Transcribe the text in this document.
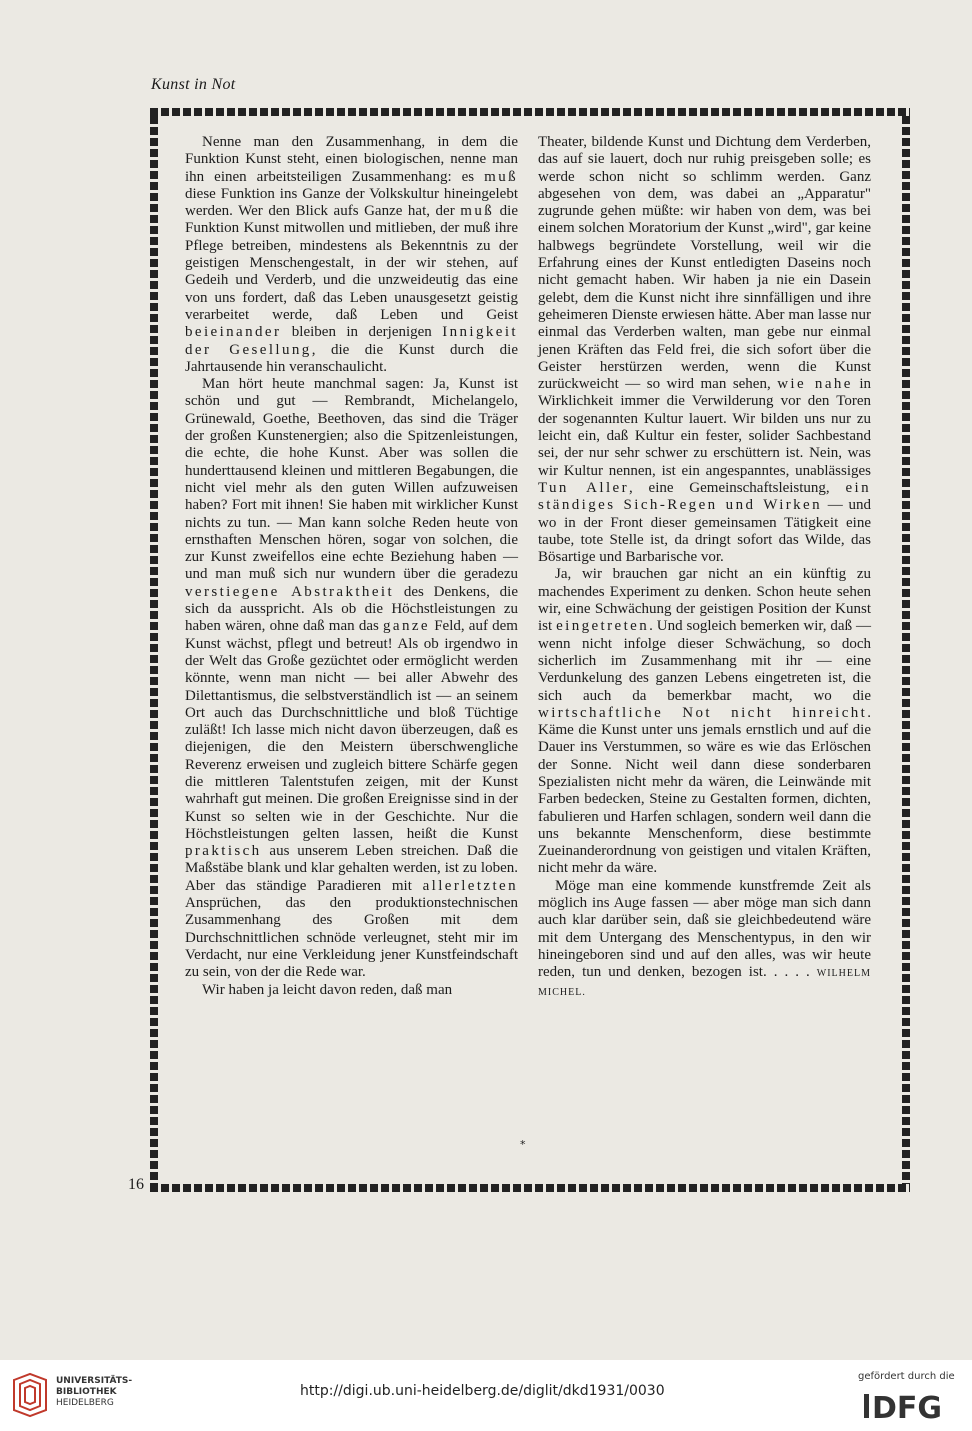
Kunst in Not
16

Nenne man den Zusammenhang, in dem die Funktion Kunst steht, einen biologischen, nenne man ihn einen arbeitsteiligen Zusammenhang: es muß diese Funktion ins Ganze der Volkskultur hineingelebt werden. Wer den Blick aufs Ganze hat, der muß die Funktion Kunst mitwollen und mitlieben, der muß ihre Pflege betreiben, mindestens als Bekenntnis zu der geistigen Menschengestalt, in der wir stehen, auf Gedeih und Verderb, und die unzweideutig das eine von uns fordert, daß das Leben unausgesetzt geistig verarbeitet werde, daß Leben und Geist beieinander bleiben in derjenigen Innigkeit der Gesellung, die die Kunst durch die Jahrtausende hin veranschaulicht.

Man hört heute manchmal sagen: Ja, Kunst ist schön und gut — Rembrandt, Michelangelo, Grünewald, Goethe, Beethoven, das sind die Träger der großen Kunstenergien; also die Spitzenleistungen, die echte, die hohe Kunst. Aber was sollen die hunderttausend kleinen und mittleren Begabungen, die nicht viel mehr als den guten Willen aufzuweisen haben? Fort mit ihnen! Sie haben mit wirklicher Kunst nichts zu tun. — Man kann solche Reden heute von ernsthaften Menschen hören, sogar von solchen, die zur Kunst zweifellos eine echte Beziehung haben — und man muß sich nur wundern über die geradezu verstiegene Abstraktheit des Denkens, die sich da ausspricht. Als ob die Höchstleistungen zu haben wären, ohne daß man das ganze Feld, auf dem Kunst wächst, pflegt und betreut! Als ob irgendwo in der Welt das Große gezüchtet oder ermöglicht werden könnte, wenn man nicht — bei aller Abwehr des Dilettantismus, die selbstverständlich ist — an seinem Ort auch das Durchschnittliche und bloß Tüchtige zuläßt! Ich lasse mich nicht davon überzeugen, daß es diejenigen, die den Meistern überschwengliche Reverenz erweisen und zugleich bittere Schärfe gegen die mittleren Talentstufen zeigen, mit der Kunst wahrhaft gut meinen. Die großen Ereignisse sind in der Kunst so selten wie in der Geschichte. Nur die Höchstleistungen gelten lassen, heißt die Kunst praktisch aus unserem Leben streichen. Daß die Maßstäbe blank und klar gehalten werden, ist zu loben. Aber das ständige Paradieren mit allerletzten Ansprüchen, das den produktionstechnischen Zusammenhang des Großen mit dem Durchschnittlichen schnöde verleugnet, steht mir im Verdacht, nur eine Verkleidung jener Kunstfeindschaft zu sein, von der die Rede war.

Wir haben ja leicht davon reden, daß man

Theater, bildende Kunst und Dichtung dem Verderben, das auf sie lauert, doch nur ruhig preisgeben solle; es werde schon nicht so schlimm werden. Ganz abgesehen von dem, was dabei an „Apparatur" zugrunde gehen müßte: wir haben von dem, was bei einem solchen Moratorium der Kunst „wird", gar keine halbwegs begründete Vorstellung, weil wir die Erfahrung eines der Kunst entledigten Daseins noch nicht gemacht haben. Wir haben ja nie ein Dasein gelebt, dem die Kunst nicht ihre sinnfälligen und ihre geheimeren Dienste erwiesen hätte. Aber man lasse nur einmal das Verderben walten, man gebe nur einmal jenen Kräften das Feld frei, die sich sofort über die Geister herstürzen werden, wenn die Kunst zurückweicht — so wird man sehen, wie nahe in Wirklichkeit immer die Verwilderung vor den Toren der sogenannten Kultur lauert. Wir bilden uns nur zu leicht ein, daß Kultur ein fester, solider Sachbestand sei, der nur sehr schwer zu erschüttern ist. Nein, was wir Kultur nennen, ist ein angespanntes, unablässiges Tun Aller, eine Gemeinschaftsleistung, ein ständiges Sich-Regen und Wirken — und wo in der Front dieser gemeinsamen Tätigkeit eine taube, tote Stelle ist, da dringt sofort das Wilde, das Bösartige und Barbarische vor.

Ja, wir brauchen gar nicht an ein künftig zu machendes Experiment zu denken. Schon heute sehen wir, eine Schwächung der geistigen Position der Kunst ist eingetreten. Und sogleich bemerken wir, daß — wenn nicht infolge dieser Schwächung, so doch sicherlich im Zusammenhang mit ihr — eine Verdunkelung des ganzen Lebens eingetreten ist, die sich auch da bemerkbar macht, wo die wirtschaftliche Not nicht hinreicht. Käme die Kunst unter uns jemals ernstlich und auf die Dauer ins Verstummen, so wäre es wie das Erlöschen der Sonne. Nicht weil dann diese sonderbaren Spezialisten nicht mehr da wären, die Leinwände mit Farben bedecken, Steine zu Gestalten formen, dichten, fabulieren und Harfen schlagen, sondern weil dann die uns bekannte Menschenform, diese bestimmte Zueinanderordnung von geistigen und vitalen Kräften, nicht mehr da wäre.

Möge man eine kommende kunstfremde Zeit als möglich ins Auge fassen — aber möge man sich dann auch klar darüber sein, daß sie gleichbedeutend wäre mit dem Untergang des Menschentypus, in den wir hineingeboren sind und auf den alles, was wir heute reden, tun und denken, bezogen ist. . . . . WILHELM MICHEL.

*
UNIVERSITÄTS-
BIBLIOTHEK
HEIDELBERG
http://digi.ub.uni-heidelberg.de/diglit/dkd1931/0030
gefördert durch die
DFG
